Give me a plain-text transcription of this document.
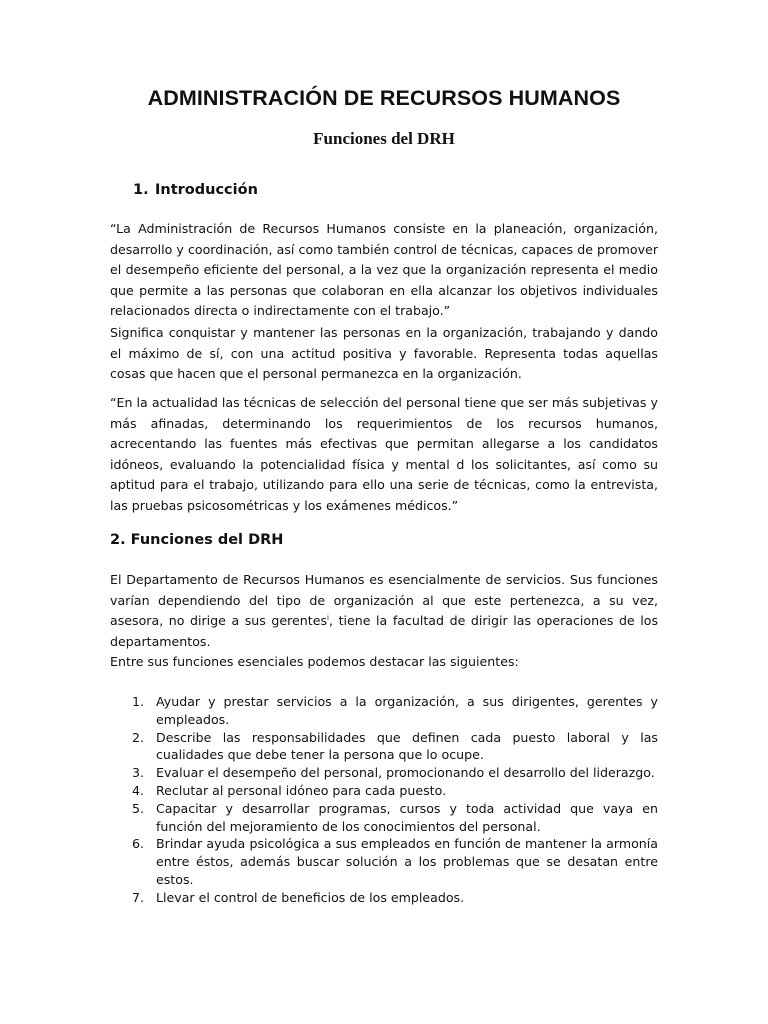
ADMINISTRACIÓN DE RECURSOS HUMANOS
Funciones del DRH
1. Introducción

“La Administración de Recursos Humanos consiste en la planeación, organización, desarrollo y coordinación, así como también control de técnicas, capaces de promover el desempeño eficiente del personal, a la vez que la organización representa el medio que permite a las personas que colaboran en ella alcanzar los objetivos individuales relacionados directa o indirectamente con el trabajo.”

Significa conquistar y mantener las personas en la organización, trabajando y dando el máximo de sí, con una actitud positiva y favorable. Representa todas aquellas cosas que hacen que el personal permanezca en la organización.

“En la actualidad las técnicas de selección del personal tiene que ser más subjetivas y más afinadas, determinando los requerimientos de los recursos humanos, acrecentando las fuentes más efectivas que permitan allegarse a los candidatos idóneos, evaluando la potencialidad física y mental d los solicitantes, así como su aptitud para el trabajo, utilizando para ello una serie de técnicas, como la entrevista, las pruebas psicosométricas y los exámenes médicos.”

2. Funciones del DRH

El Departamento de Recursos Humanos es esencialmente de servicios. Sus funciones varían dependiendo del tipo de organización al que este pertenezca, a su vez, asesora, no dirige a sus gerentes$^i$, tiene la facultad de dirigir las operaciones de los departamentos.

Entre sus funciones esenciales podemos destacar las siguientes:

1. Ayudar y prestar servicios a la organización, a sus dirigentes, gerentes y empleados.
2. Describe las responsabilidades que definen cada puesto laboral y las cualidades que debe tener la persona que lo ocupe.
3. Evaluar el desempeño del personal, promocionando el desarrollo del liderazgo.
4. Reclutar al personal idóneo para cada puesto.
5. Capacitar y desarrollar programas, cursos y toda actividad que vaya en función del mejoramiento de los conocimientos del personal.
6. Brindar ayuda psicológica a sus empleados en función de mantener la armonía entre éstos, además buscar solución a los problemas que se desatan entre estos.
7. Llevar el control de beneficios de los empleados.
